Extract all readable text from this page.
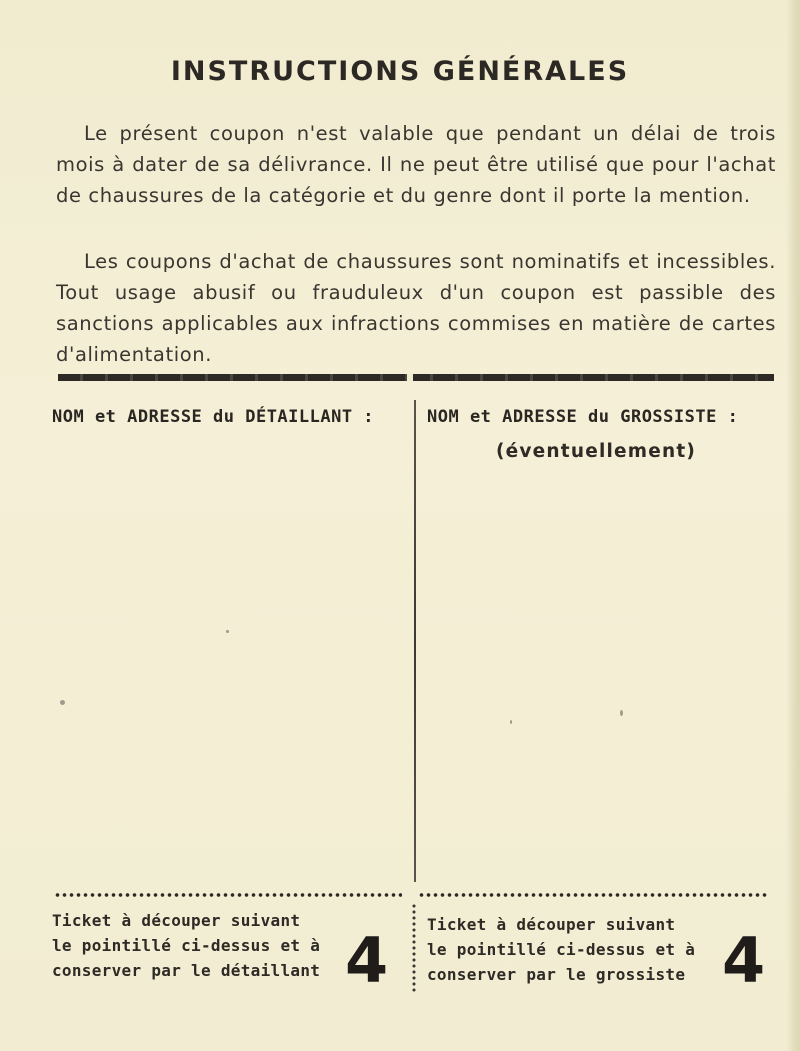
INSTRUCTIONS GÉNÉRALES

Le présent coupon n'est valable que pendant un délai de trois mois à dater de sa délivrance. Il ne peut être utilisé que pour l'achat de chaussures de la catégorie et du genre dont il porte la mention.

Les coupons d'achat de chaussures sont nominatifs et incessibles. Tout usage abusif ou frauduleux d'un coupon est passible des sanctions applicables aux infractions commises en matière de cartes d'alimentation.

NOM et ADRESSE du DÉTAILLANT :	NOM et ADRESSE du GROSSISTE :
(éventuellement)

Ticket à découper suivant
le pointillé ci-dessus et à
conserver par le détaillant 4 Ticket à découper suivant
le pointillé ci-dessus et à
conserver par le grossiste 4
